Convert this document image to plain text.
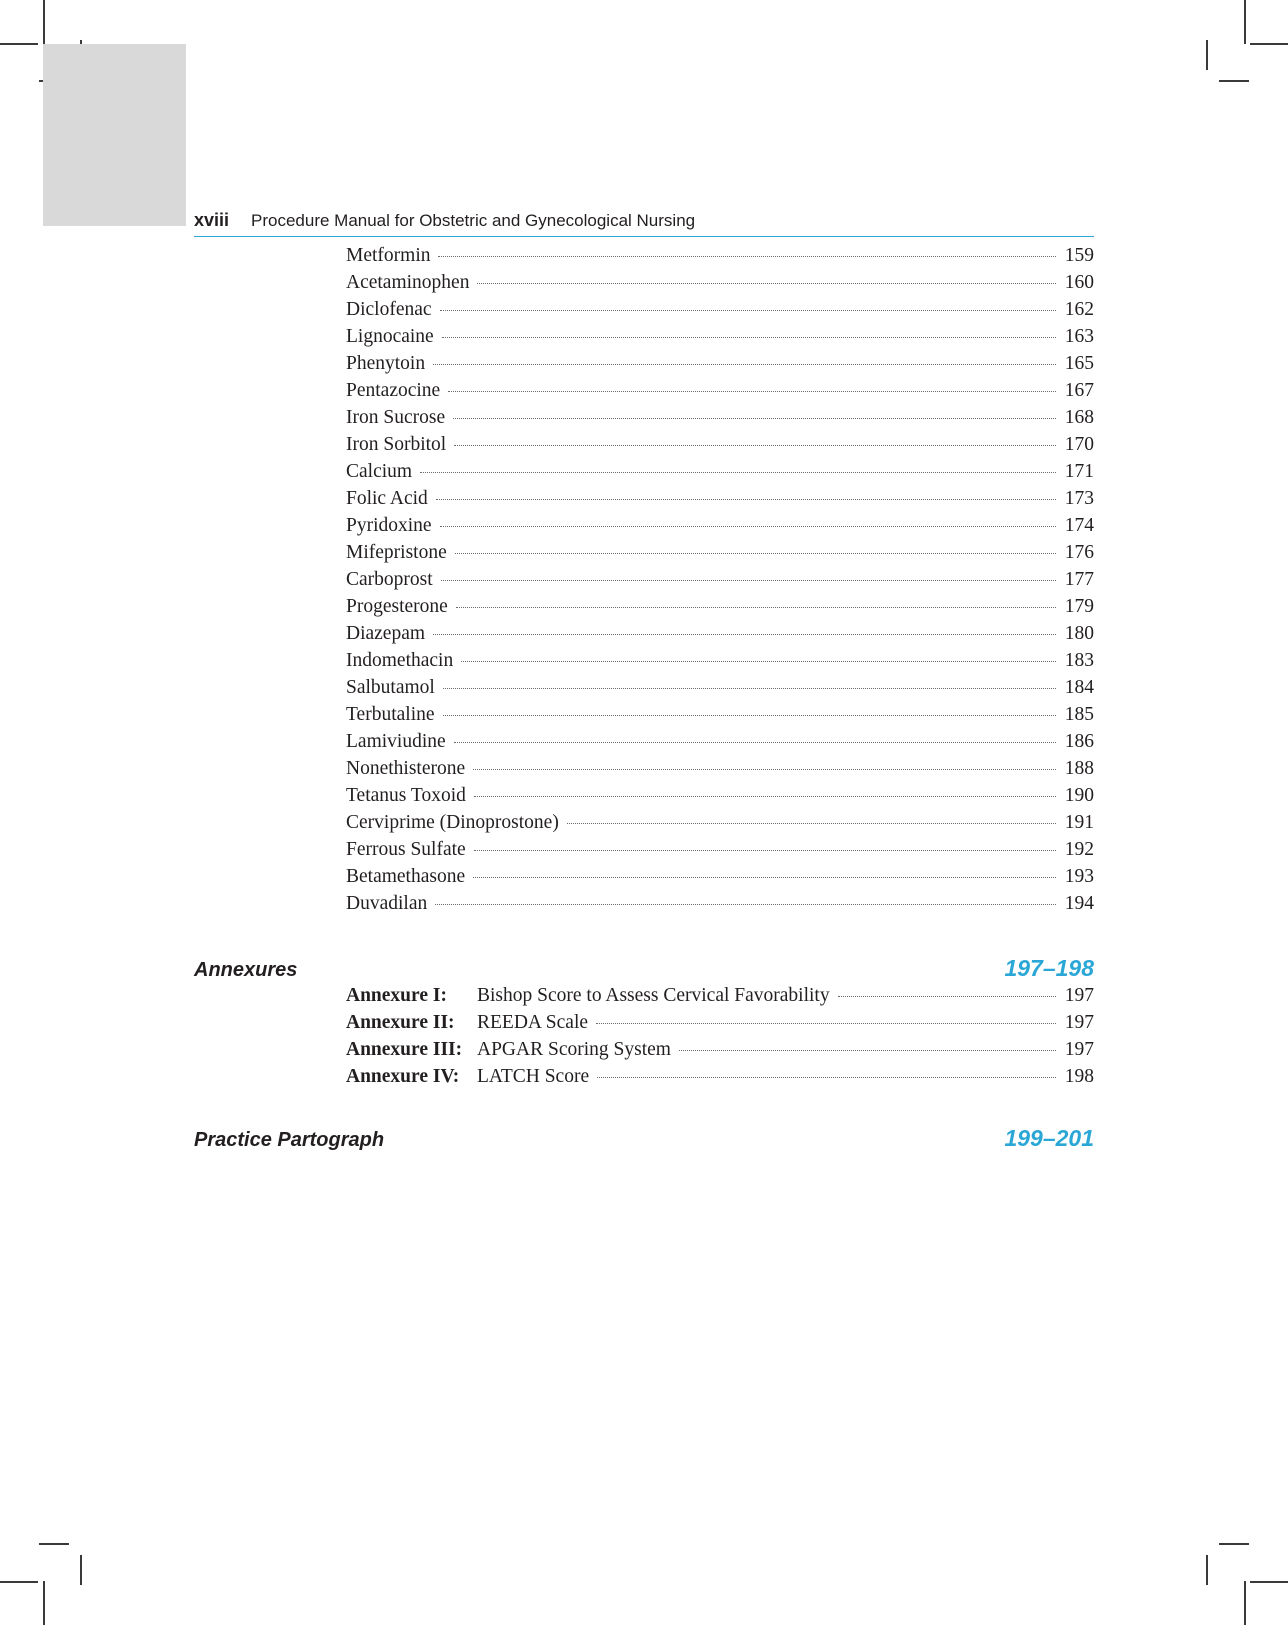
xviii Procedure Manual for Obstetric and Gynecological Nursing
Metformin	159
Acetaminophen	160
Diclofenac	162
Lignocaine	163
Phenytoin	165
Pentazocine	167
Iron Sucrose	168
Iron Sorbitol	170
Calcium	171
Folic Acid	173
Pyridoxine	174
Mifepristone	176
Carboprost	177
Progesterone	179
Diazepam	180
Indomethacin	183
Salbutamol	184
Terbutaline	185
Lamiviudine	186
Nonethisterone	188
Tetanus Toxoid	190
Cerviprime (Dinoprostone)	191
Ferrous Sulfate	192
Betamethasone	193
Duvadilan	194
Annexures	197–198
Annexure I:	Bishop Score to Assess Cervical Favorability	197
Annexure II:	REEDA Scale	197
Annexure III: APGAR Scoring System	197
Annexure IV: LATCH Score	198
Practice Partograph	199–201
